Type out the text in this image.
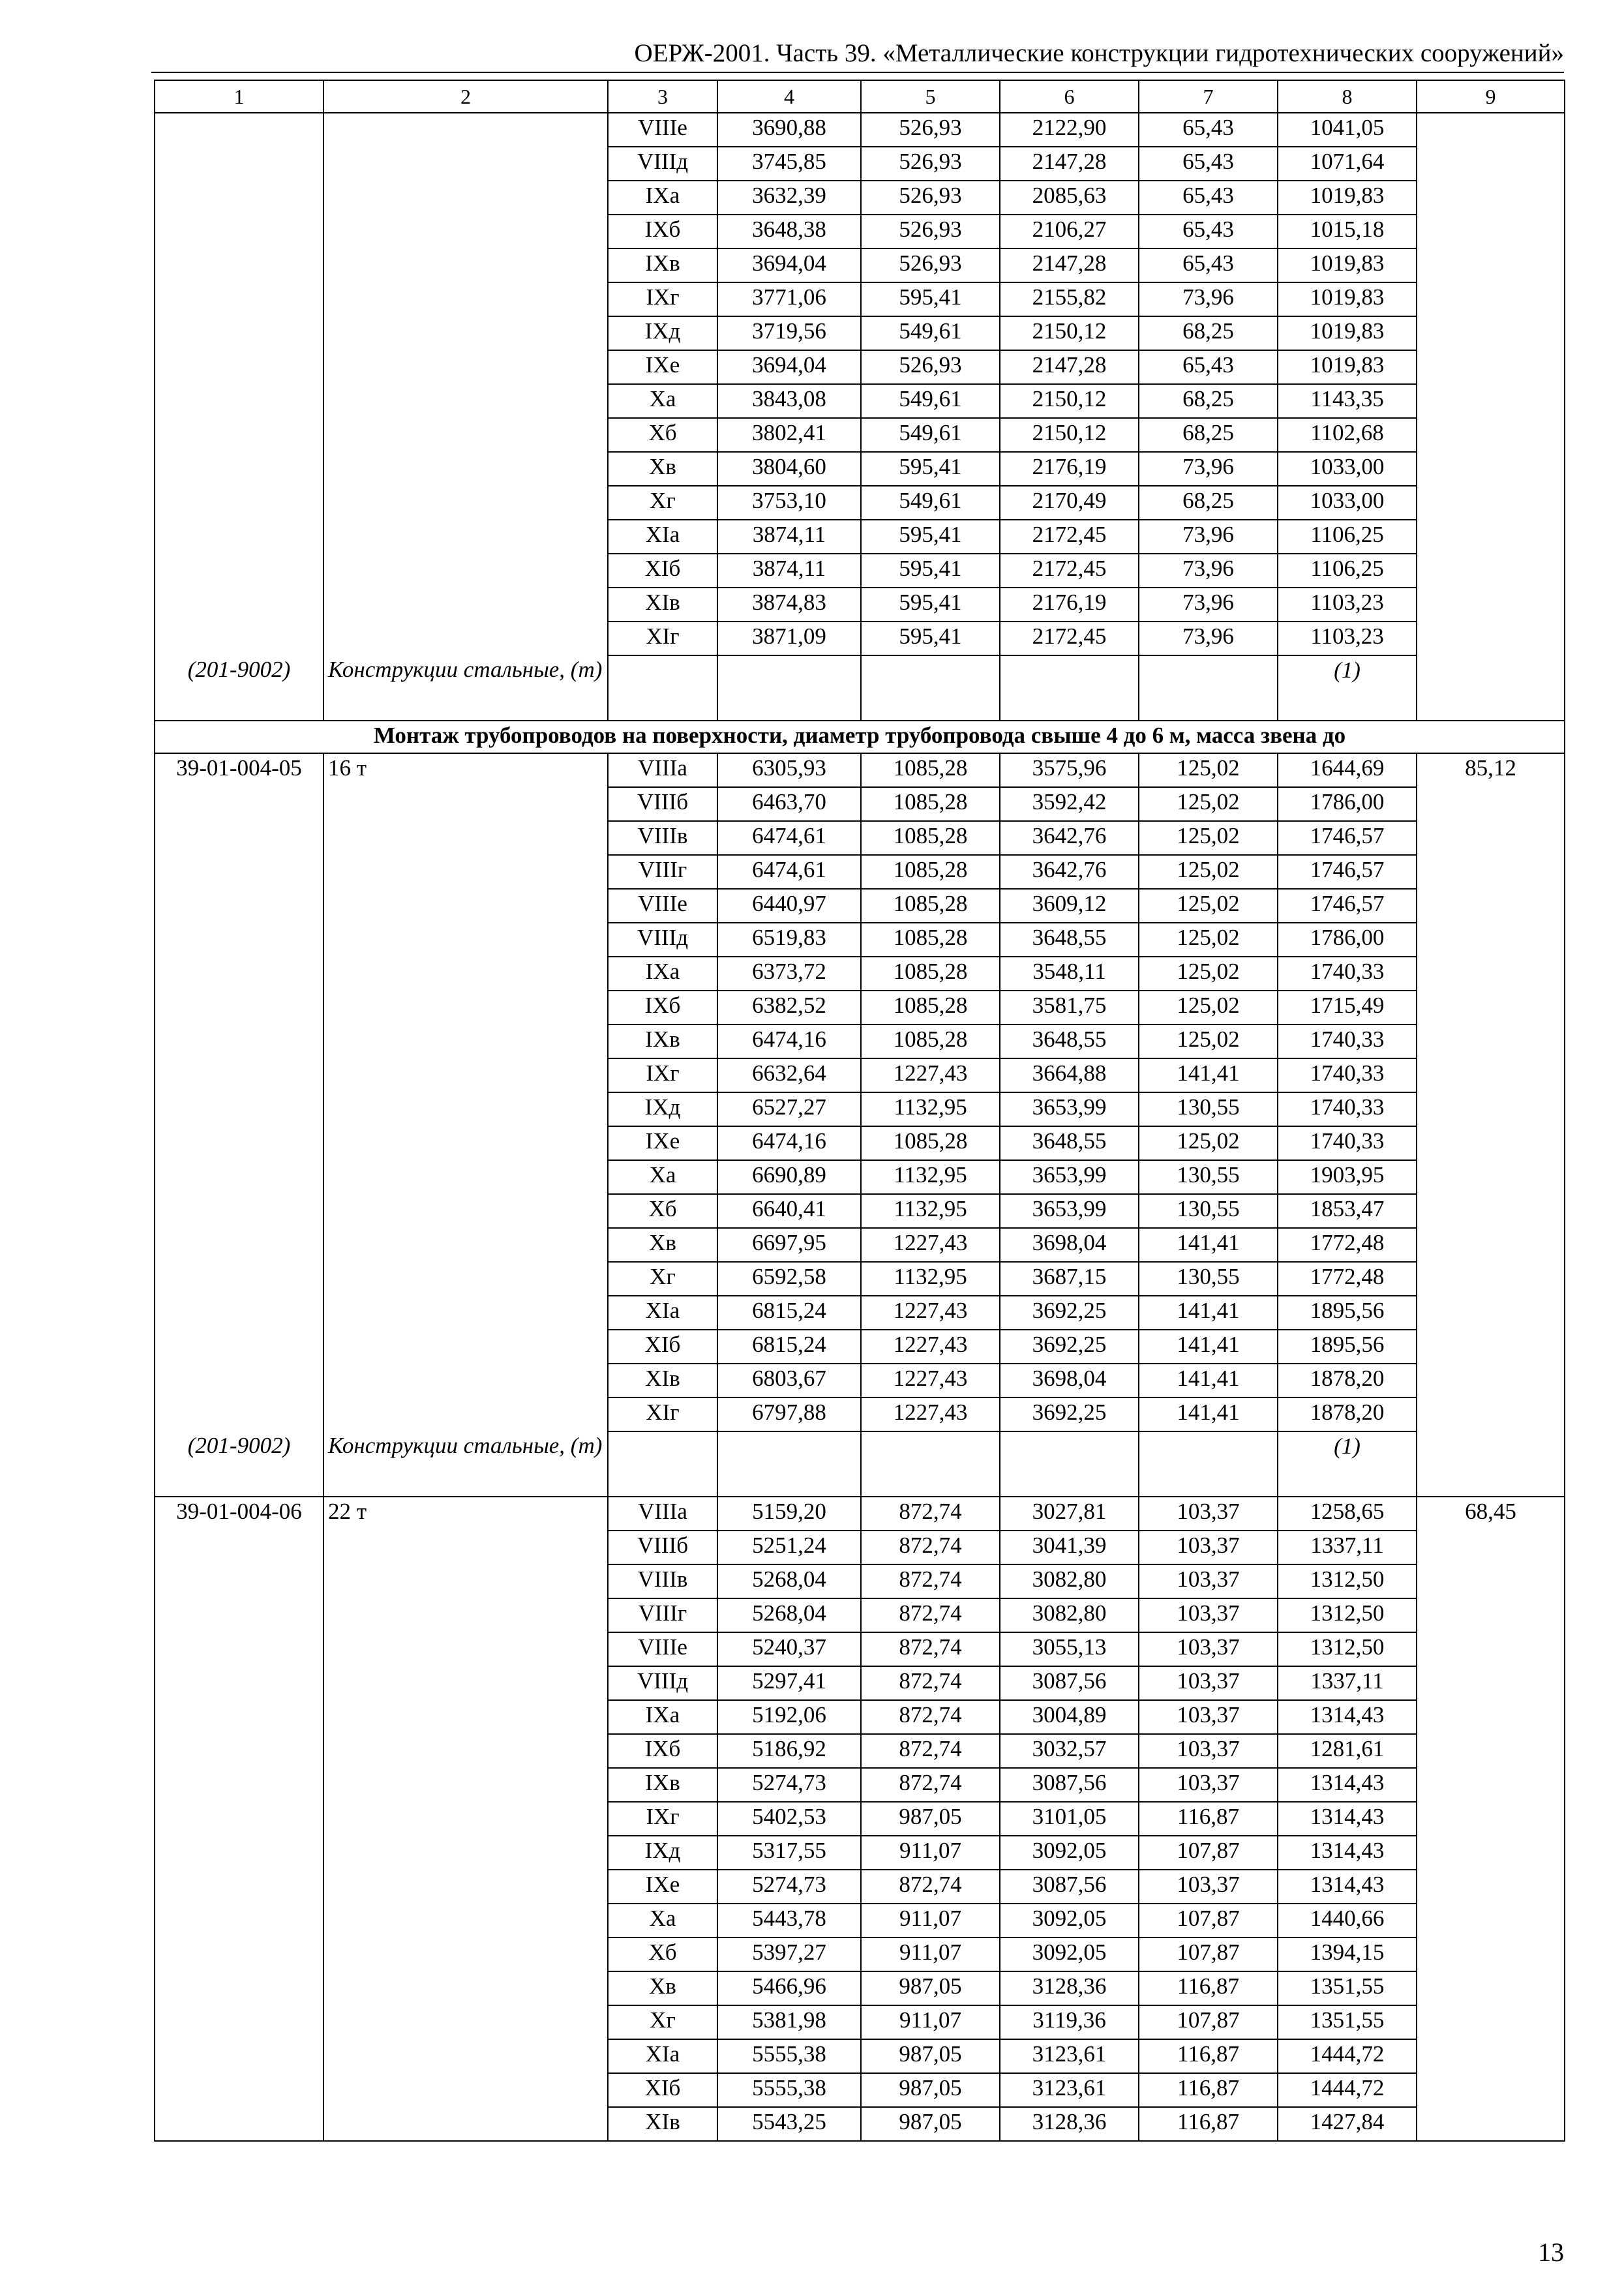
ОЕРЖ-2001. Часть 39. «Металлические конструкции гидротехнических сооружений»
1	2	3	4	5	6	7	8	9
		VIIIе	3690,88	526,93	2122,90	65,43	1041,05	
		VIIIд	3745,85	526,93	2147,28	65,43	1071,64	
		IXа	3632,39	526,93	2085,63	65,43	1019,83	
		IXб	3648,38	526,93	2106,27	65,43	1015,18	
		IXв	3694,04	526,93	2147,28	65,43	1019,83	
		IXг	3771,06	595,41	2155,82	73,96	1019,83	
		IXд	3719,56	549,61	2150,12	68,25	1019,83	
		IXе	3694,04	526,93	2147,28	65,43	1019,83	
		Xа	3843,08	549,61	2150,12	68,25	1143,35	
		Xб	3802,41	549,61	2150,12	68,25	1102,68	
		Xв	3804,60	595,41	2176,19	73,96	1033,00	
		Xг	3753,10	549,61	2170,49	68,25	1033,00	
		XIа	3874,11	595,41	2172,45	73,96	1106,25	
		XIб	3874,11	595,41	2172,45	73,96	1106,25	
		XIв	3874,83	595,41	2176,19	73,96	1103,23	
		XIг	3871,09	595,41	2172,45	73,96	1103,23	
(201-9002)	Конструкции стальные, (т)						(1)	
Монтаж трубопроводов на поверхности, диаметр трубопровода свыше 4 до 6 м, масса звена до								
39-01-004-05	16 т	VIIIа	6305,93	1085,28	3575,96	125,02	1644,69	85,12
		VIIIб	6463,70	1085,28	3592,42	125,02	1786,00	
		VIIIв	6474,61	1085,28	3642,76	125,02	1746,57	
		VIIIг	6474,61	1085,28	3642,76	125,02	1746,57	
		VIIIе	6440,97	1085,28	3609,12	125,02	1746,57	
		VIIIд	6519,83	1085,28	3648,55	125,02	1786,00	
		IXа	6373,72	1085,28	3548,11	125,02	1740,33	
		IXб	6382,52	1085,28	3581,75	125,02	1715,49	
		IXв	6474,16	1085,28	3648,55	125,02	1740,33	
		IXг	6632,64	1227,43	3664,88	141,41	1740,33	
		IXд	6527,27	1132,95	3653,99	130,55	1740,33	
		IXе	6474,16	1085,28	3648,55	125,02	1740,33	
		Xа	6690,89	1132,95	3653,99	130,55	1903,95	
		Xб	6640,41	1132,95	3653,99	130,55	1853,47	
		Xв	6697,95	1227,43	3698,04	141,41	1772,48	
		Xг	6592,58	1132,95	3687,15	130,55	1772,48	
		XIа	6815,24	1227,43	3692,25	141,41	1895,56	
		XIб	6815,24	1227,43	3692,25	141,41	1895,56	
		XIв	6803,67	1227,43	3698,04	141,41	1878,20	
		XIг	6797,88	1227,43	3692,25	141,41	1878,20	
(201-9002)	Конструкции стальные, (т)						(1)	
39-01-004-06	22 т	VIIIа	5159,20	872,74	3027,81	103,37	1258,65	68,45
		VIIIб	5251,24	872,74	3041,39	103,37	1337,11	
		VIIIв	5268,04	872,74	3082,80	103,37	1312,50	
		VIIIг	5268,04	872,74	3082,80	103,37	1312,50	
		VIIIе	5240,37	872,74	3055,13	103,37	1312,50	
		VIIIд	5297,41	872,74	3087,56	103,37	1337,11	
		IXа	5192,06	872,74	3004,89	103,37	1314,43	
		IXб	5186,92	872,74	3032,57	103,37	1281,61	
		IXв	5274,73	872,74	3087,56	103,37	1314,43	
		IXг	5402,53	987,05	3101,05	116,87	1314,43	
		IXд	5317,55	911,07	3092,05	107,87	1314,43	
		IXе	5274,73	872,74	3087,56	103,37	1314,43	
		Xа	5443,78	911,07	3092,05	107,87	1440,66	
		Xб	5397,27	911,07	3092,05	107,87	1394,15	
		Xв	5466,96	987,05	3128,36	116,87	1351,55	
		Xг	5381,98	911,07	3119,36	107,87	1351,55	
		XIа	5555,38	987,05	3123,61	116,87	1444,72	
		XIб	5555,38	987,05	3123,61	116,87	1444,72	
		XIв	5543,25	987,05	3128,36	116,87	1427,84	
13
